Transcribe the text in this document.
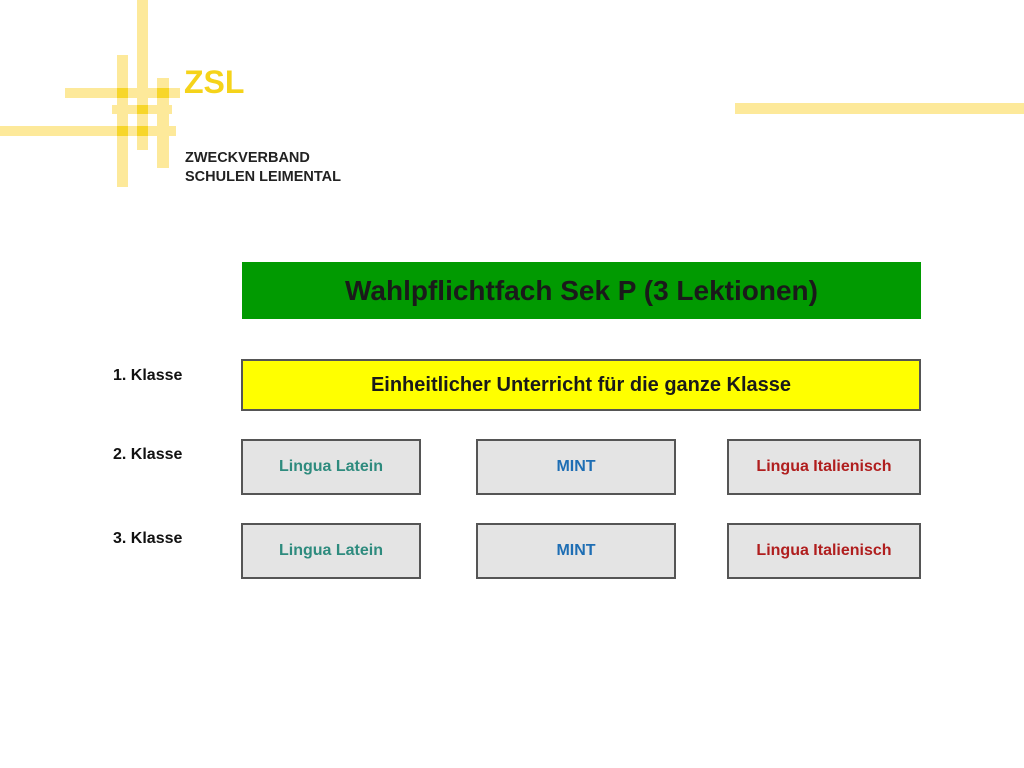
ZSL
ZWECKVERBAND
SCHULEN LEIMENTAL
Wahlpflichtfach Sek P (3 Lektionen)
1. Klasse
2. Klasse
3. Klasse
Einheitlicher Unterricht für die ganze Klasse
Lingua Latein	MINT	Lingua Italienisch
Lingua Latein	MINT	Lingua Italienisch
